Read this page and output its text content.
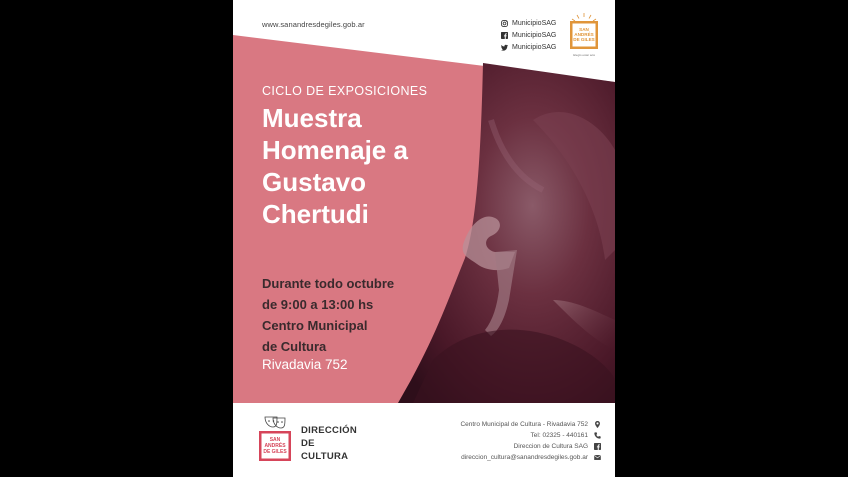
www.sanandresdegiles.gob.ar	MunicipioSAG
MunicipioSAG
MunicipioSAG
SAN
ANDRÉS
DE GILES
Elegís estar acá
CICLO DE EXPOSICIONES
Muestra
Homenaje a
Gustavo
Chertudi
Durante todo octubre
de 9:00 a 13:00 hs
Centro Municipal
de Cultura
Rivadavia 752
SAN
ANDRÉS
DE GILES
DIRECCIÓN
DE
CULTURA
Centro Municipal de Cultura - Rivadavia 752
Tel: 02325 - 440161
Direccion de Cultura SAG
direccion_cultura@sanandresdegiles.gob.ar
